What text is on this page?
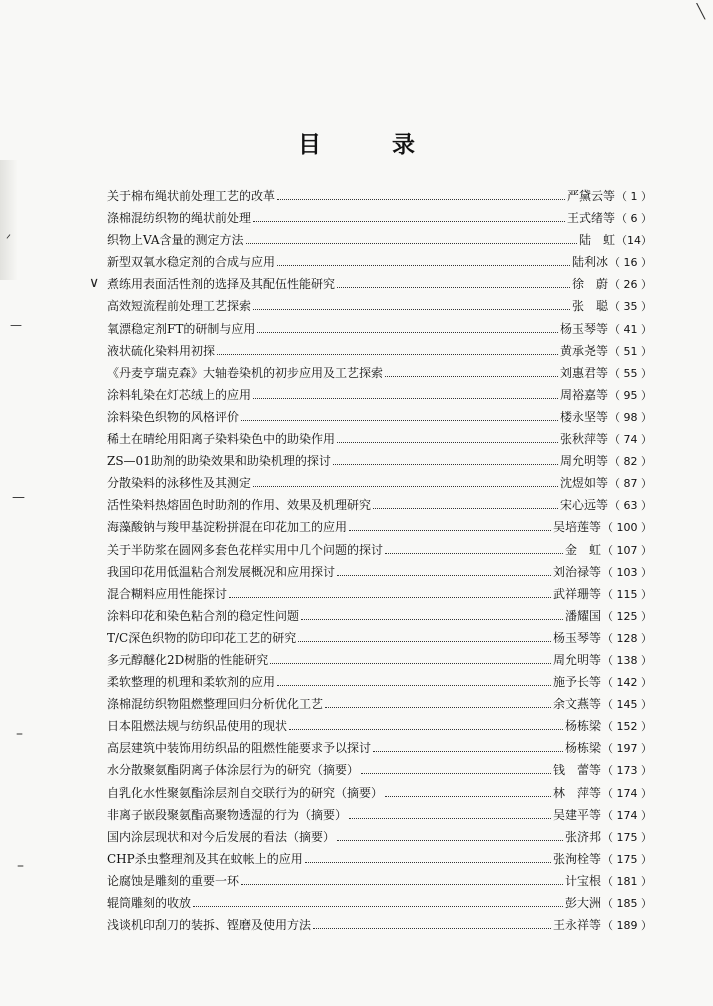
ᐟ
—
—
–
–
╲
目　录
∨
关于棉布绳状前处理工艺的改革	严黛云等 （ 1 ）
涤棉混纺织物的绳状前处理	王式绪等 （ 6 ）
织物上VA含量的测定方法	陆　虹 （14）
新型双氧水稳定剂的合成与应用	陆利冰 （ 16 ）
煮练用表面活性剂的选择及其配伍性能研究	徐　蔚 （ 26 ）
高效短流程前处理工艺探索	张　聪 （ 35 ）
氧漂稳定剂FT的研制与应用	杨玉琴等 （ 41 ）
液状硫化染料用初探	黄承尧等 （ 51 ）
《丹麦亨瑞克森》大轴卷染机的初步应用及工艺探索	刘惠君等 （ 55 ）
涂料轧染在灯芯绒上的应用	周裕嘉等 （ 95 ）
涂料染色织物的风格评价	楼永坚等 （ 98 ）
稀土在晴纶用阳离子染料染色中的助染作用	张秋萍等 （ 74 ）
ZS—01助剂的助染效果和助染机理的探讨	周允明等 （ 82 ）
分散染料的泳移性及其测定	沈煜如等 （ 87 ）
活性染料热熔固色时助剂的作用、效果及机理研究	宋心远等 （ 63 ）
海藻酸钠与羧甲基淀粉拼混在印花加工的应用	吴培莲等 （ 100 ）
关于半防浆在圆网多套色花样实用中几个问题的探讨	金　虹 （ 107 ）
我国印花用低温粘合剂发展概况和应用探讨	刘治禄等 （ 103 ）
混合糊料应用性能探讨	武祥珊等 （ 115 ）
涂料印花和染色粘合剂的稳定性问题	潘耀国 （ 125 ）
T/C深色织物的防印印花工艺的研究	杨玉琴等 （ 128 ）
多元醇醚化2D树脂的性能研究	周允明等 （ 138 ）
柔软整理的机理和柔软剂的应用	施予长等 （ 142 ）
涤棉混纺织物阻燃整理回归分析优化工艺	余文燕等 （ 145 ）
日本阻燃法规与纺织品使用的现状	杨栋梁 （ 152 ）
高层建筑中装饰用纺织品的阻燃性能要求予以探讨	杨栋梁 （ 197 ）
水分散聚氨酯阴离子体涂层行为的研究（摘要）	钱　蕾等 （ 173 ）
自乳化水性聚氨酯涂层剂自交联行为的研究（摘要）	林　萍等 （ 174 ）
非离子嵌段聚氨酯高聚物透湿的行为（摘要）	吴建平等 （ 174 ）
国内涂层现状和对今后发展的看法（摘要）	张济邦 （ 175 ）
CHP杀虫整理剂及其在蚊帐上的应用	张洵栓等 （ 175 ）
论腐蚀是雕刻的重要一环	计宝根 （ 181 ）
辊筒雕刻的收放	彭大洲 （ 185 ）
浅谈机印刮刀的装拆、铿磨及使用方法	王永祥等 （ 189 ）
